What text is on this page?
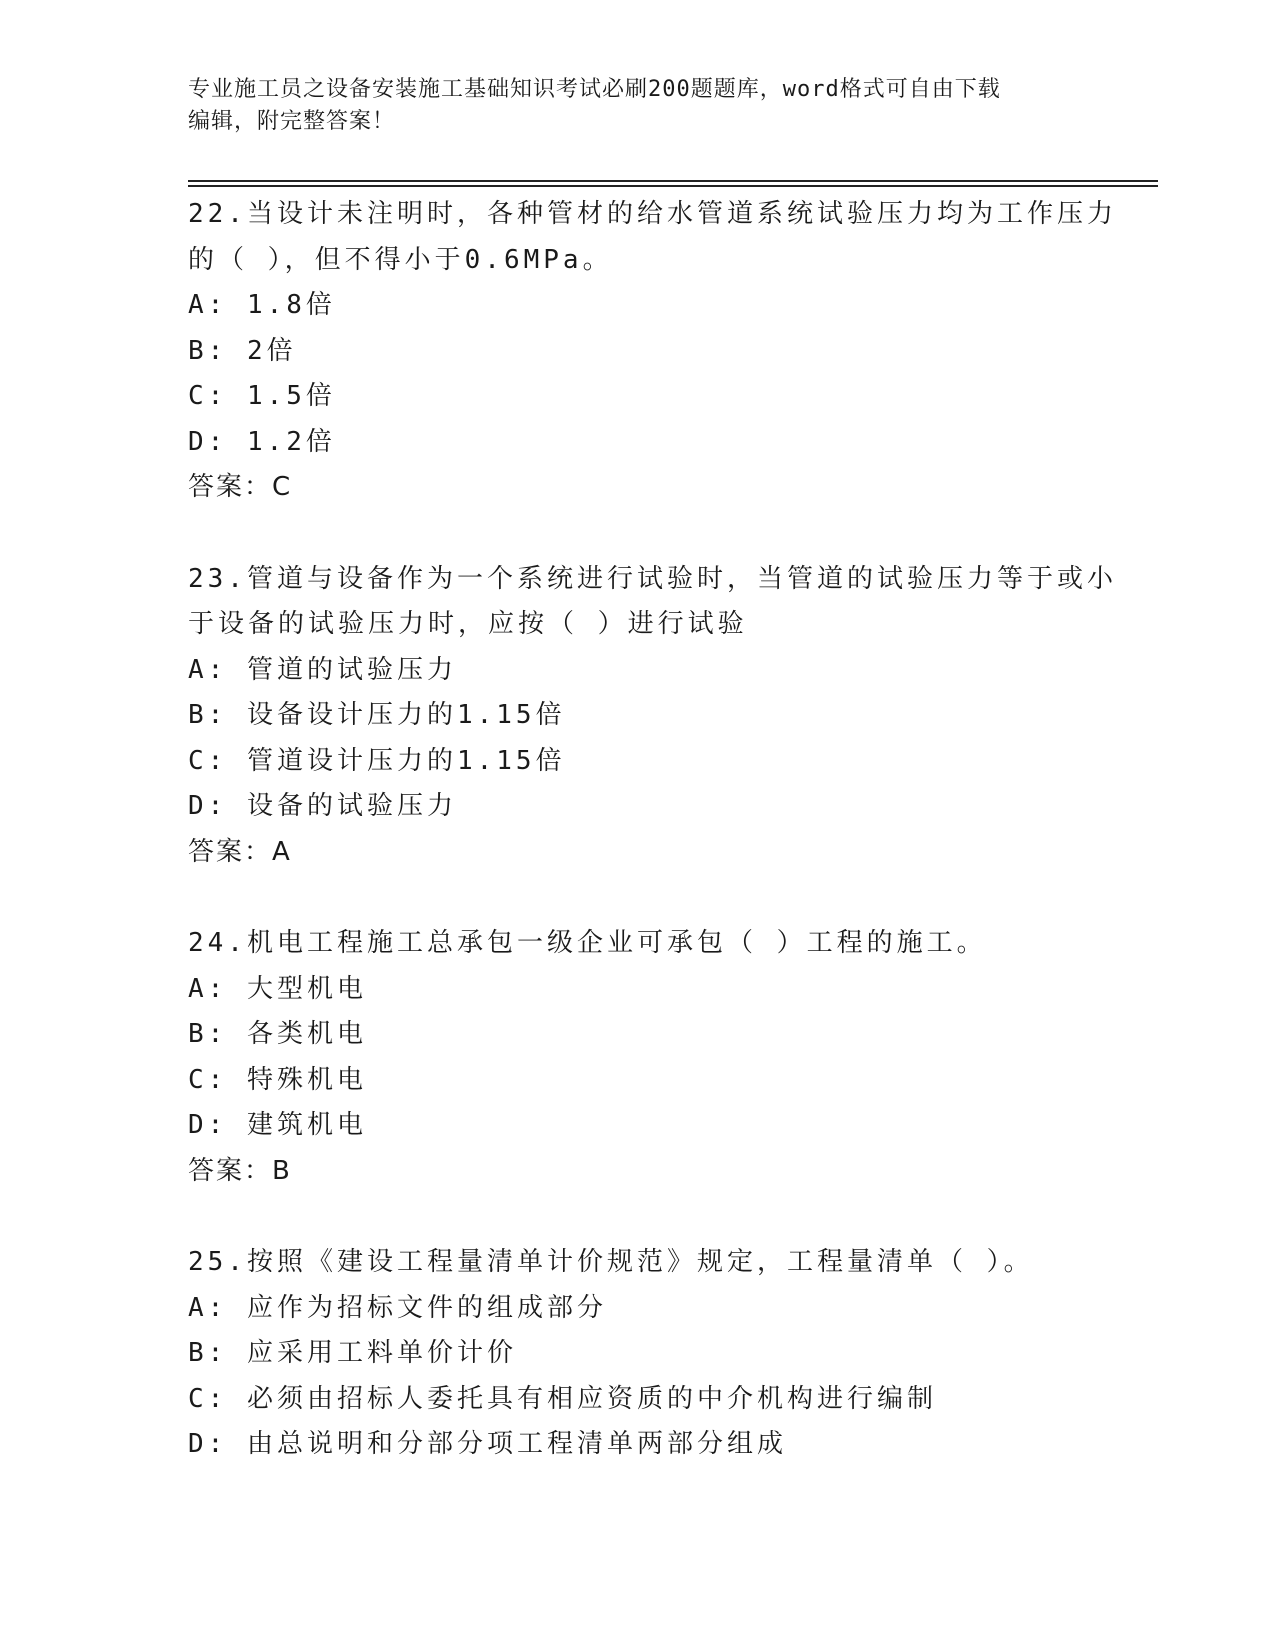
专业施工员之设备安装施工基础知识考试必刷200题题库，word格式可自由下载
编辑，附完整答案！
22.当设计未注明时，各种管材的给水管道系统试验压力均为工作压力
的（ ），但不得小于0.6MPa。
A: 1.8倍
B: 2倍
C: 1.5倍
D: 1.2倍
答案：C
23.管道与设备作为一个系统进行试验时，当管道的试验压力等于或小
于设备的试验压力时，应按（ ）进行试验
A: 管道的试验压力
B: 设备设计压力的1.15倍
C: 管道设计压力的1.15倍
D: 设备的试验压力
答案：A
24.机电工程施工总承包一级企业可承包（ ）工程的施工。
A: 大型机电
B: 各类机电
C: 特殊机电
D: 建筑机电
答案：B
25.按照《建设工程量清单计价规范》规定，工程量清单（ ）。
A: 应作为招标文件的组成部分
B: 应采用工料单价计价
C: 必须由招标人委托具有相应资质的中介机构进行编制
D: 由总说明和分部分项工程清单两部分组成
